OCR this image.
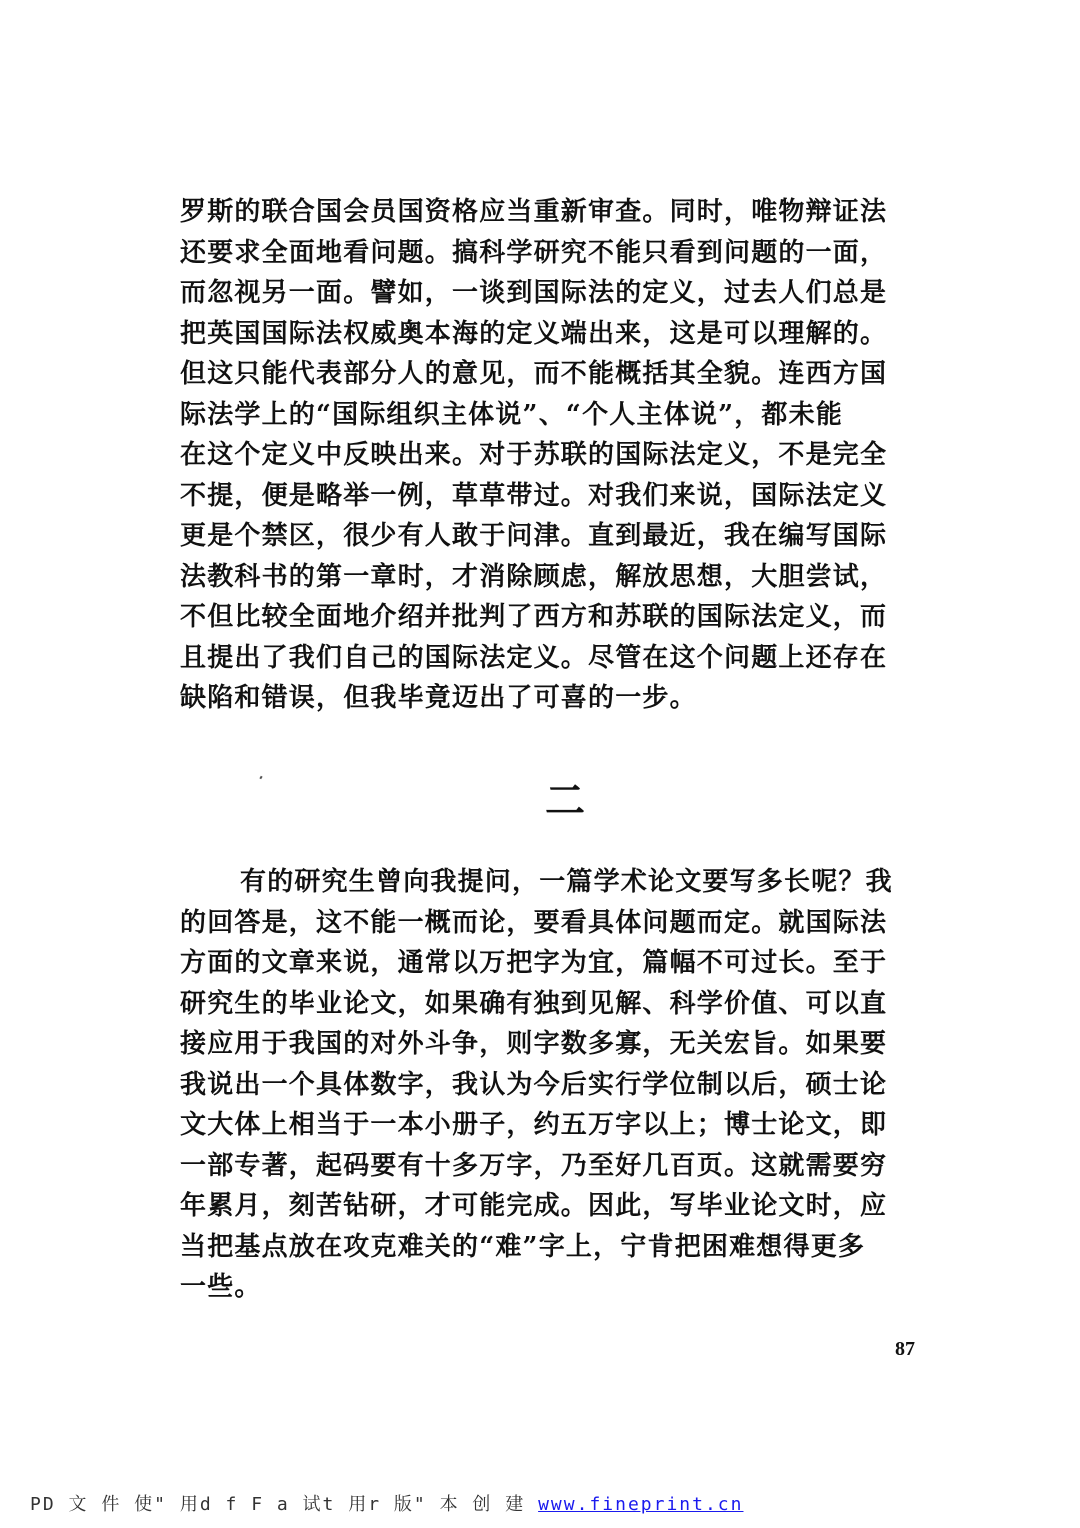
罗斯的联合国会员国资格应当重新审查。同时，唯物辩证法
还要求全面地看问题。搞科学研究不能只看到问题的一面，
而忽视另一面。譬如，一谈到国际法的定义，过去人们总是
把英国国际法权威奥本海的定义端出来，这是可以理解的。
但这只能代表部分人的意见，而不能概括其全貌。连西方国
际法学上的“国际组织主体说”、“个人主体说”，都未能
在这个定义中反映出来。对于苏联的国际法定义，不是完全
不提，便是略举一例，草草带过。对我们来说，国际法定义
更是个禁区，很少有人敢于问津。直到最近，我在编写国际
法教科书的第一章时，才消除顾虑，解放思想，大胆尝试，
不但比较全面地介绍并批判了西方和苏联的国际法定义，而
且提出了我们自己的国际法定义。尽管在这个问题上还存在
缺陷和错误，但我毕竟迈出了可喜的一步。
二
有的研究生曾向我提问，一篇学术论文要写多长呢？我
的回答是，这不能一概而论，要看具体问题而定。就国际法
方面的文章来说，通常以万把字为宜，篇幅不可过长。至于
研究生的毕业论文，如果确有独到见解、科学价值、可以直
接应用于我国的对外斗争，则字数多寡，无关宏旨。如果要
我说出一个具体数字，我认为今后实行学位制以后，硕士论
文大体上相当于一本小册子，约五万字以上；博士论文，即
一部专著，起码要有十多万字，乃至好几百页。这就需要穷
年累月，刻苦钻研，才可能完成。因此，写毕业论文时，应
当把基点放在攻克难关的“难”字上，宁肯把困难想得更多
一些。
87
PD 文 件 使" 用d f F a 试t 用r 版" 本 创 建 www.fineprint.cn
